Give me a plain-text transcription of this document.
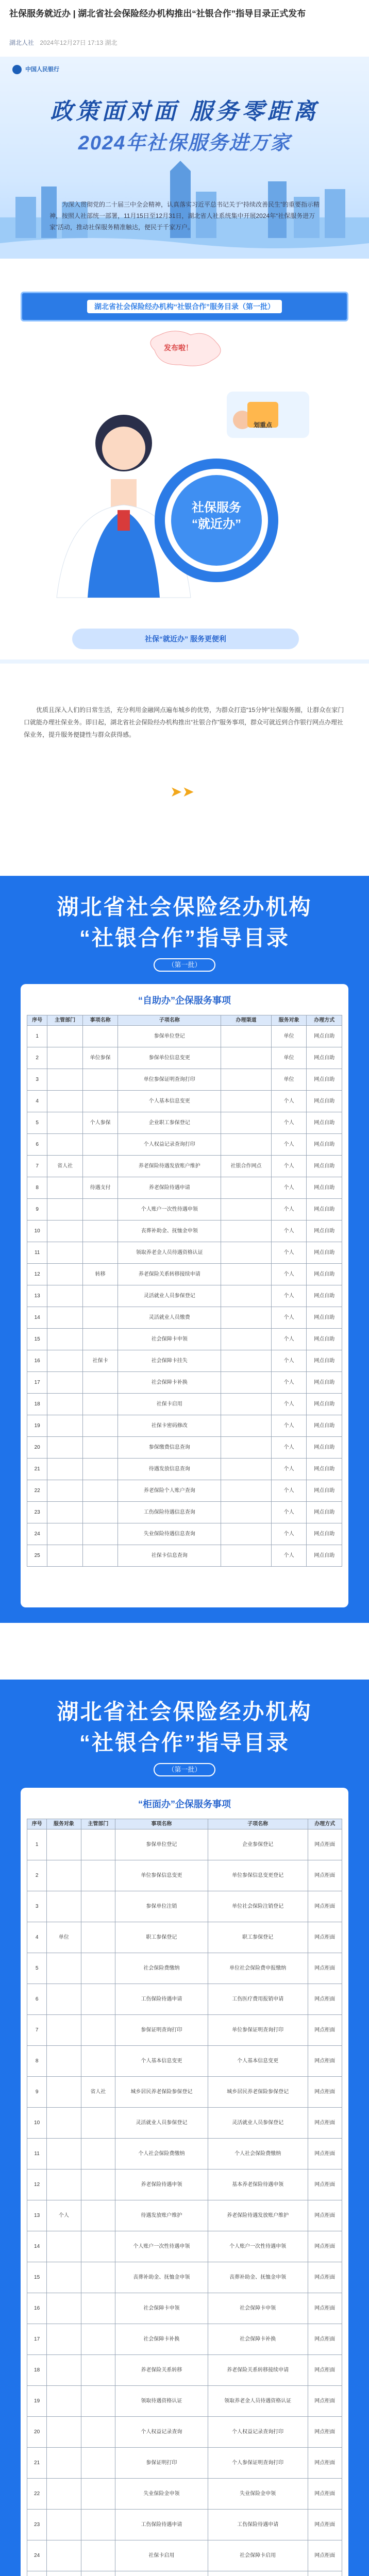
社保服务就近办 | 湖北省社会保险经办机构推出“社银合作”指导目录正式发布
湖北人社 2024年12月27日 17:13 湖北
中国人民银行
政策面对面 服务零距离
2024年社保服务进万家
为深入贯彻党的二十届三中全会精神，认真落实习近平总书记关于“持续改善民生”的重要指示精神，按照人社部统一部署，11月15日至12月31日，湖北省人社系统集中开展2024年“社保服务进万家”活动，推动社保服务精准触达，便民于千家万户。
湖北省社会保险经办机构“社银合作”服务目录（第一批）
发布啦！
划重点
社保服务
“就近办”
社保“就近办” 服务更便利
优质且深入人们的日常生活，充分利用金融网点遍布城乡的优势，为群众打造“15分钟”社保服务圈，让群众在家门口就能办理社保业务。即日起，湖北省社会保险经办机构推出“社银合作”服务事项，群众可就近到合作银行网点办理社保业务，提升服务便捷性与群众获得感。
➤➤
湖北省社会保险经办机构
“社银合作”指导目录
（第一批）
“自助办”企保服务事项
序号	主管部门	事项名称	子项名称	办理渠道	服务对象	办理方式
1			参保单位登记		单位	网点自助
2		单位参保	参保单位信息变更		单位	网点自助
3			单位参保证明查询打印		单位	网点自助
4			个人基本信息变更		个人	网点自助
5		个人参保	企业职工参保登记		个人	网点自助
6			个人权益记录查询打印		个人	网点自助
7	省人社		养老保险待遇发放账户维护	社银合作网点	个人	网点自助
8		待遇支付	养老保险待遇申请		个人	网点自助
9			个人账户一次性待遇申领		个人	网点自助
10			丧葬补助金、抚恤金申领		个人	网点自助
11			领取养老金人员待遇资格认证		个人	网点自助
12		转移	养老保险关系转移接续申请		个人	网点自助
13			灵活就业人员参保登记		个人	网点自助
14			灵活就业人员缴费		个人	网点自助
15			社会保障卡申领		个人	网点自助
16		社保卡	社会保障卡挂失		个人	网点自助
17			社会保障卡补换		个人	网点自助
18			社保卡启用		个人	网点自助
19			社保卡密码修改		个人	网点自助
20			参保缴费信息查询		个人	网点自助
21			待遇发放信息查询		个人	网点自助
22			养老保险个人账户查询		个人	网点自助
23			工伤保险待遇信息查询		个人	网点自助
24			失业保险待遇信息查询		个人	网点自助
25			社保卡信息查询		个人	网点自助
湖北省社会保险经办机构
“社银合作”指导目录
（第一批）
“柜面办”企保服务事项
序号	服务对象	主管部门	事项名称	子项名称	办理方式
1			参保单位登记	企业参保登记	网点柜面
2			单位参保信息变更	单位参保信息变更登记	网点柜面
3			参保单位注销	单位社会保险注销登记	网点柜面
4	单位		职工参保登记	职工参保登记	网点柜面
5			社会保险费缴纳	单位社会保险费申报缴纳	网点柜面
6			工伤保险待遇申请	工伤医疗费用报销申请	网点柜面
7			参保证明查询打印	单位参保证明查询打印	网点柜面
8			个人基本信息变更	个人基本信息变更	网点柜面
9		省人社	城乡居民养老保险参保登记	城乡居民养老保险参保登记	网点柜面
10			灵活就业人员参保登记	灵活就业人员参保登记	网点柜面
11			个人社会保险费缴纳	个人社会保险费缴纳	网点柜面
12			养老保险待遇申领	基本养老保险待遇申领	网点柜面
13	个人		待遇发放账户维护	养老保险待遇发放账户维护	网点柜面
14			个人账户一次性待遇申领	个人账户一次性待遇申领	网点柜面
15			丧葬补助金、抚恤金申领	丧葬补助金、抚恤金申领	网点柜面
16			社会保障卡申领	社会保障卡申领	网点柜面
17			社会保障卡补换	社会保障卡补换	网点柜面
18			养老保险关系转移	养老保险关系转移接续申请	网点柜面
19			领取待遇资格认证	领取养老金人员待遇资格认证	网点柜面
20			个人权益记录查询	个人权益记录查询打印	网点柜面
21			参保证明打印	个人参保证明查询打印	网点柜面
22			失业保险金申领	失业保险金申领	网点柜面
23			工伤保险待遇申请	工伤保险待遇申请	网点柜面
24			社保卡启用	社会保障卡启用	网点柜面
